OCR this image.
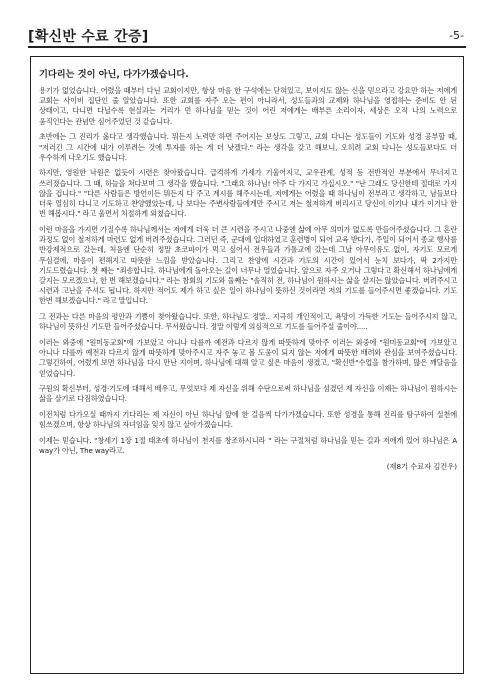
[확신반 수료 간증]	-5-
기다리는 것이 아닌, 다가가겠습니다.

용기가 없었습니다. 어렸을 때부터 다닌 교회이지만, 항상 마음 한 구석에는 닫혀있고, 보이지도 않는 신을 믿으라고 강요만 하는 저에게 교회는 사이비 집단인 줄 알았습니다. 또한 교회를 자주 오는 편이 아니라서, 성도들과의 교제와 하나님을 영접하는 준비도 안 된 상태이고, 다니면 다닐수록 현실과는 거리가 먼 하나님을 믿는 것이 어린 저에게는 배부른 소리이자, 세상은 오직 나의 노력으로 움직인다는 관념만 심어주었던 것 같습니다.

초반에는 그 진리가 옳다고 생각했습니다. 뭐든지 노력만 하면 주어지는 보상도 그렇고, 교회 다니는 성도들이 기도와 성경 공부할 때, "저러긴 그 시간에 내가 이루려는 것에 투자를 하는 게 더 낫겠다." 라는 생각을 갖고 해보니, 오히려 교회 다니는 성도들보다도 더 우수하게 나오기도 했습니다.

하지만, 영원한 낙원은 없듯이 시련은 찾아왔습니다. 급격하게 가세가 기울어지고, 교우관계, 성적 등 전반적인 부분에서 무너지고 쓰러졌습니다. 그 때, 하늘을 쳐다보며 그 생각을 했습니다. "그래요 하나님! 아주 다 가지고 가십시오." "난 그래도 당신한테 절대로 가지 않을 겁니다." "다른 사람들은 방언이든 뭐든지 다 주고 계시를 해주시는데, 저에게는 어렸을 때 하나님이 전부라고 생각하고, 남들보다 더욱 열심히 다니고 기도하고 찬양했었는데, 나 보다는 주변사람들에게만 주시고 저는 철저하게 버리시고 당신이 이기나 내가 이기나 한 번 해봅시다." 라고 울면서 처절하게 외쳤습니다.

이런 마음을 가지면 가질수록 하나님께서는 저에게 더욱 더 큰 시련을 주시고 나중엔 삶에 아무 의미가 없도록 만들어주셨습니다. 그 혼란 과정도 없이 철저하게 마련도 없게 버려주셨습니다. 그러던 즉, 군대에 입대하였고 훈련병이 되어 교육 받다가, 주일이 되어서 종교 행사를 반강제적으로 갔는데, 처음엔 단순히 정말 초코파이가 먹고 싶어서 전우들과 가톨교에 갔는데 그날 아무이유도 없이, 자기도 모르게 무심결에, 마음이 편해지고 따뜻한 느낌을 받았습니다. 그리고 찬양에 시간과 기도의 시간이 있어서 눈치 보다가, 딱 2가지만 기도드렸습니다. 첫 째는 "죄송합니다. 하나님에게 돌아오는 길이 너무나 멀었습니다. 앞으로 자주 오거나 그렇다고 확신해서 하나님에게 갈지는 모르겠으나, 한 번 해보겠습니다." 라는 참회의 기도와 둘째는 "솔직히 전, 하나님이 원하시는 삶을 살지는 않았습니다. 버려주시고 시련과 고난을 주셔도 됩니다. 하지만 적어도 제가 하고 싶은 일이 하나님이 뜻하신 것이라면 저의 기도를 들어주시면 좋겠습니다. 기도 한번 해보겠습니다." 라고 말입니다.

그 전과는 다른 마음의 평안과 기쁨이 찾아왔습니다. 또한, 하나님도 정말.. 지극히 개인적이고, 욕망이 가득한 기도는 들어주시지 않고, 하나님이 뜻하신 기도만 들어주셨습니다. 무서웠습니다. 정말 이렇게 의심적으로 기도를 들어주실 줄이야.....

이러는 와중에 "원미동교회"에 가보았고 아니나 다를까 예전과 다르지 않게 따뜻하게 맞아주 이러는 와중에 "원미동교회"에 가보았고 아니나 다를까 예전과 다르지 않게 따뜻하게 맞아주시고 자주 놓고 볼 도움이 되지 않는 저에게 따뜻한 배려와 관심을 보여주셨습니다. 그렇긴하여, 어렸게 보면 하나님을 다시 만난 지이며, 하나님에 대해 알고 싶은 마음이 생겼고, "확신반"수업을 참가하며, 많은 깨달음을 얻었습니다.

구원의 확신부터, 성경·기도에 대해서 배우고, 무엇보다 제 자신을 위해 수단으로써 하나님을 섬겼던 제 자신을 이제는 하나님이 원하시는 삶을 살기로 다짐하였습니다.

이전처럼 다가오실 때까지 기다리는 제 자신이 아닌 하나님 앞에 한 걸음씩 다가가겠습니다. 또한 성경을 통해 진리를 탐구하여 실천에 힘쓰겠으며, 항상 하나님의 자녀임을 잊지 않고 살아가겠습니다.

이제는 믿습니다. "창세기 1장 1절 태초에 하나님이 천지를 창조하시니라 " 라는 구절처럼 하나님을 믿는 길과 저에게 있어 하나님은 A way가 아닌, The way라고.

(제8기 수료자 김건우)
